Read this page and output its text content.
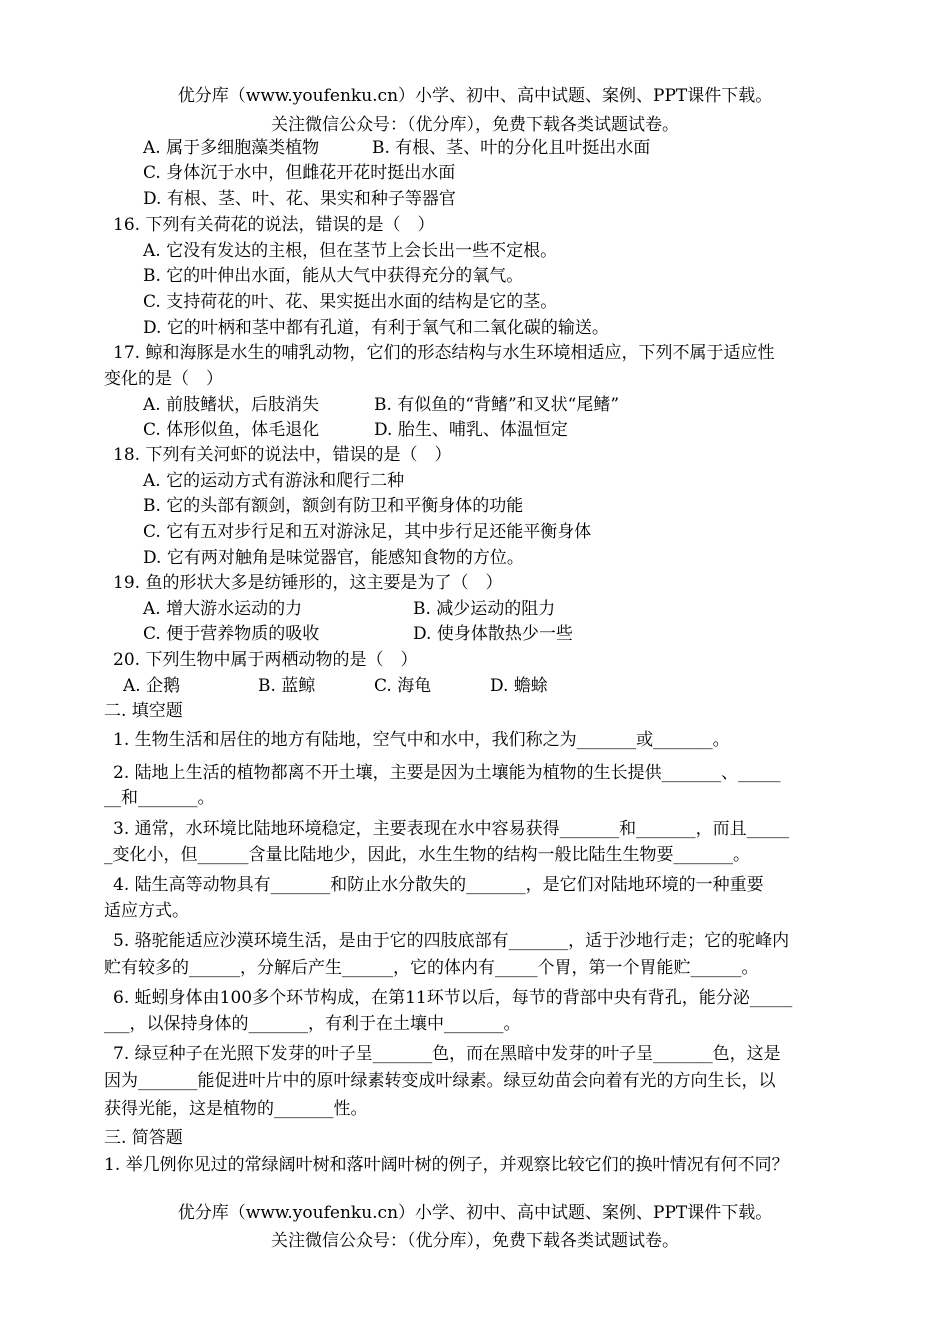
优分库（www.youfenku.cn）小学、初中、高中试题、案例、PPT课件下载。
关注微信公众号：（优分库），免费下载各类试题试卷。
A. 属于多细胞藻类植物	B. 有根、茎、叶的分化且叶挺出水面
C. 身体沉于水中，但雌花开花时挺出水面
D. 有根、茎、叶、花、果实和种子等器官
16. 下列有关荷花的说法，错误的是（　）
A. 它没有发达的主根，但在茎节上会长出一些不定根。
B. 它的叶伸出水面，能从大气中获得充分的氧气。
C. 支持荷花的叶、花、果实挺出水面的结构是它的茎。
D. 它的叶柄和茎中都有孔道，有利于氧气和二氧化碳的输送。
17. 鲸和海豚是水生的哺乳动物，它们的形态结构与水生环境相适应，下列不属于适应性
变化的是（　）
A. 前肢鳍状，后肢消失	B. 有似鱼的“背鳍”和叉状“尾鳍”
C. 体形似鱼，体毛退化	D. 胎生、哺乳、体温恒定
18. 下列有关河虾的说法中，错误的是（　）
A. 它的运动方式有游泳和爬行二种
B. 它的头部有额剑，额剑有防卫和平衡身体的功能
C. 它有五对步行足和五对游泳足，其中步行足还能平衡身体
D. 它有两对触角是味觉器官，能感知食物的方位。
19. 鱼的形状大多是纺锤形的，这主要是为了（　）
A. 增大游水运动的力	B. 减少运动的阻力
C. 便于营养物质的吸收	D. 使身体散热少一些
20. 下列生物中属于两栖动物的是（　）
A. 企鹅	B. 蓝鲸	C. 海龟	D. 蟾蜍
二. 填空题
1. 生物生活和居住的地方有陆地，空气中和水中，我们称之为_______或_______。
2. 陆地上生活的植物都离不开土壤，主要是因为土壤能为植物的生长提供_______、_____
__和_______。
3. 通常，水环境比陆地环境稳定，主要表现在水中容易获得_______和_______，而且_____
_变化小，但______含量比陆地少，因此，水生生物的结构一般比陆生生物要_______。
4. 陆生高等动物具有_______和防止水分散失的_______，是它们对陆地环境的一种重要
适应方式。
5. 骆驼能适应沙漠环境生活，是由于它的四肢底部有_______，适于沙地行走；它的驼峰内
贮有较多的______，分解后产生______，它的体内有_____个胃，第一个胃能贮______。
6. 蚯蚓身体由100多个环节构成，在第11环节以后，每节的背部中央有背孔，能分泌_____
___，以保持身体的_______，有利于在土壤中_______。
7. 绿豆种子在光照下发芽的叶子呈_______色，而在黑暗中发芽的叶子呈_______色，这是
因为_______能促进叶片中的原叶绿素转变成叶绿素。绿豆幼苗会向着有光的方向生长，以
获得光能，这是植物的_______性。
三. 简答题
1. 举几例你见过的常绿阔叶树和落叶阔叶树的例子，并观察比较它们的换叶情况有何不同？
优分库（www.youfenku.cn）小学、初中、高中试题、案例、PPT课件下载。
关注微信公众号：（优分库），免费下载各类试题试卷。
